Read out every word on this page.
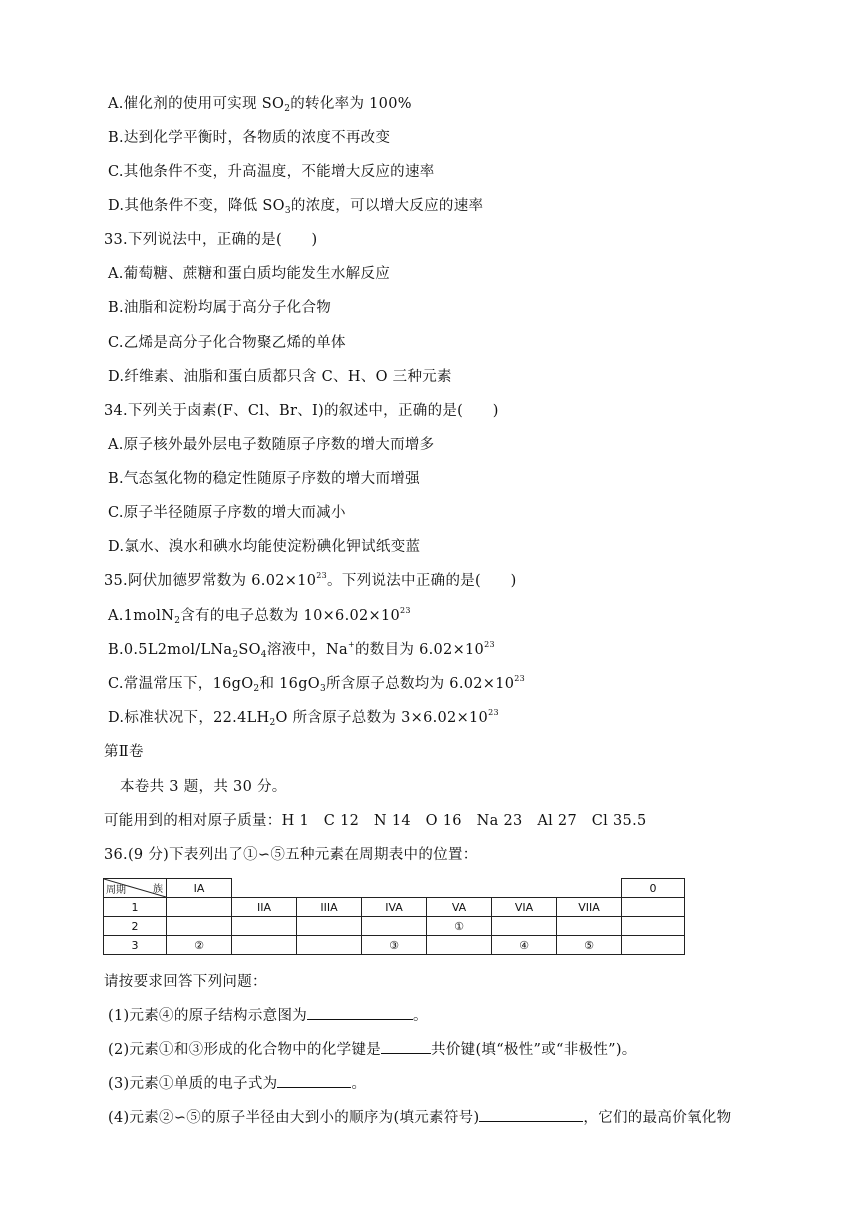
A.催化剂的使用可实现 $SO_2$的转化率为 100%
B.达到化学平衡时，各物质的浓度不再改变
C.其他条件不变，升高温度，不能增大反应的速率
D.其他条件不变，降低 $SO_3$的浓度，可以增大反应的速率
33.下列说法中，正确的是(　　)
A.葡萄糖、蔗糖和蛋白质均能发生水解反应
B.油脂和淀粉均属于高分子化合物
C.乙烯是高分子化合物聚乙烯的单体
D.纤维素、油脂和蛋白质都只含 C、H、O 三种元素
34.下列关于卤素(F、Cl、Br、I)的叙述中，正确的是(　　)
A.原子核外最外层电子数随原子序数的增大而增多
B.气态氢化物的稳定性随原子序数的增大而增强
C.原子半径随原子序数的增大而减小
D.氯水、溴水和碘水均能使淀粉碘化钾试纸变蓝
35.阿伏加德罗常数为 $6.02\times 10^{23}$。下列说法中正确的是(　　)
A.1molN$_2$含有的电子总数为 $10\times 6.02\times 10^{23}$
$B.0.5L2mol/LNa_2SO_4$溶液中，Na+的数目为 $6.02\times 10^{23}$
C.常温常压下，$16gO_2$和 $16gO_3$所含原子总数均为 $6.02\times 10^{23}$
D.标准状况下，$22.4LH_2O$ 所含原子总数为 $3\times 6.02\times 10^{23}$
第Ⅱ卷
本卷共 3 题，共 30 分。
可能用到的相对原子质量：H 1　C 12　N 14　O 16　Na 23　Al 27　Cl 35.5
36.(9 分)下表列出了①∽⑤五种元素在周期表中的位置：
周期 族	IA							0
1		IIA	IIIA	IVA	VA	VIA	VIIA	
2					①			
3	②			③		④	⑤	
请按要求回答下列问题：
(1)元素④的原子结构示意图为	。
(2)元素①和③形成的化合物中的化学键是	共价键(填“极性”或“非极性”)。
(3)元素①单质的电子式为	。
(4)元素②∽⑤的原子半径由大到小的顺序为(填元素符号)	，它们的最高价氧化物
